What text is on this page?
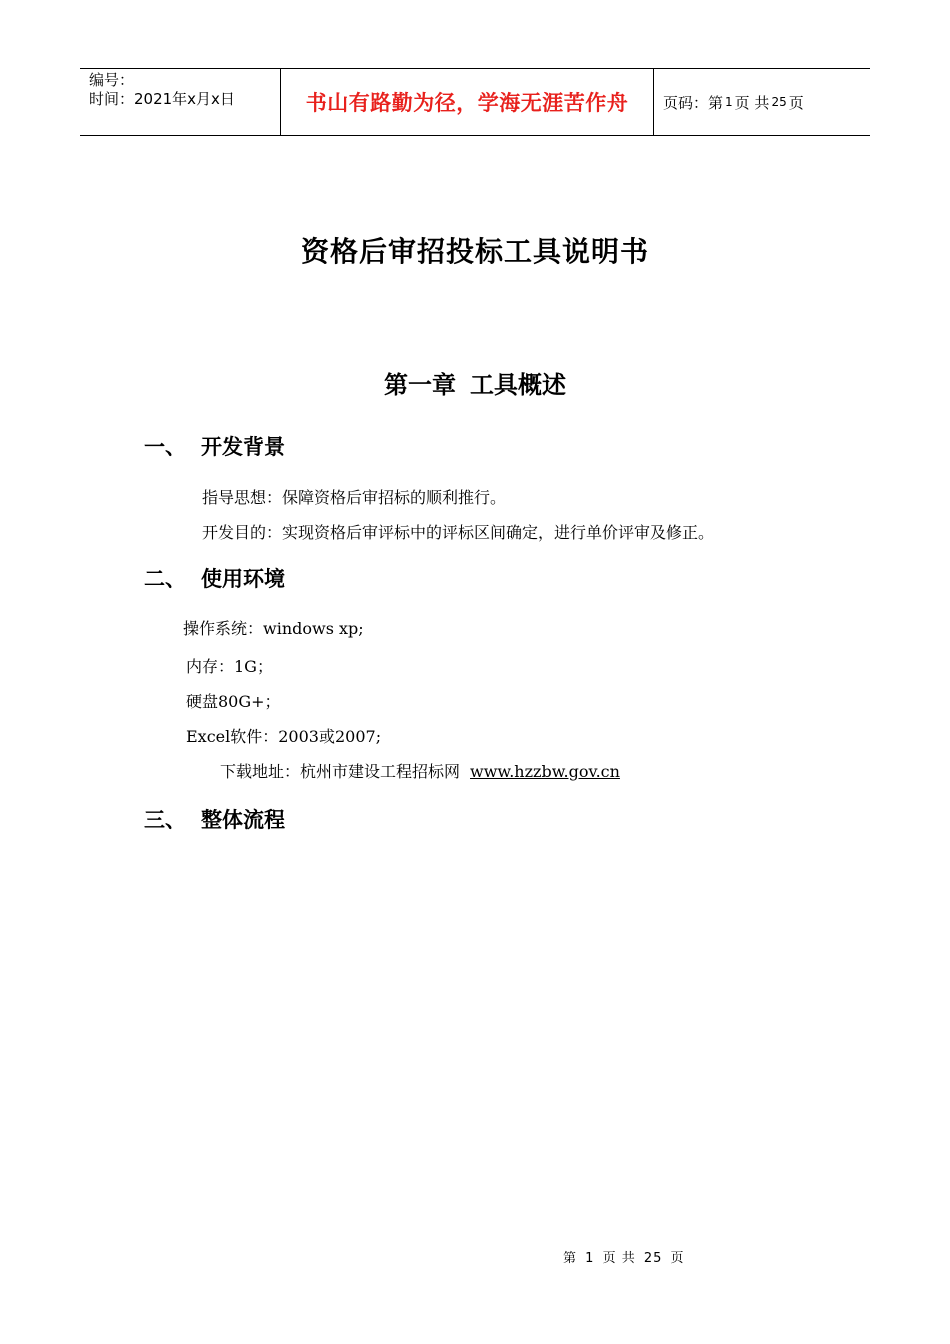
编号：
时间：2021年x月x日	书山有路勤为径，学海无涯苦作舟 页码：第 1 页 共 25 页
资格后审招投标工具说明书
第一章 工具概述
一、 开发背景
指导思想：保障资格后审招标的顺利推行。
开发目的：实现资格后审评标中的评标区间确定，进行单价评审及修正。
二、 使用环境
操作系统：windows xp;
内存：1G；
硬盘80G+；
Excel软件：2003或2007;
下载地址：杭州市建设工程招标网 www.hzzbw.gov.cn
三、 整体流程
第 1 页 共 25 页
